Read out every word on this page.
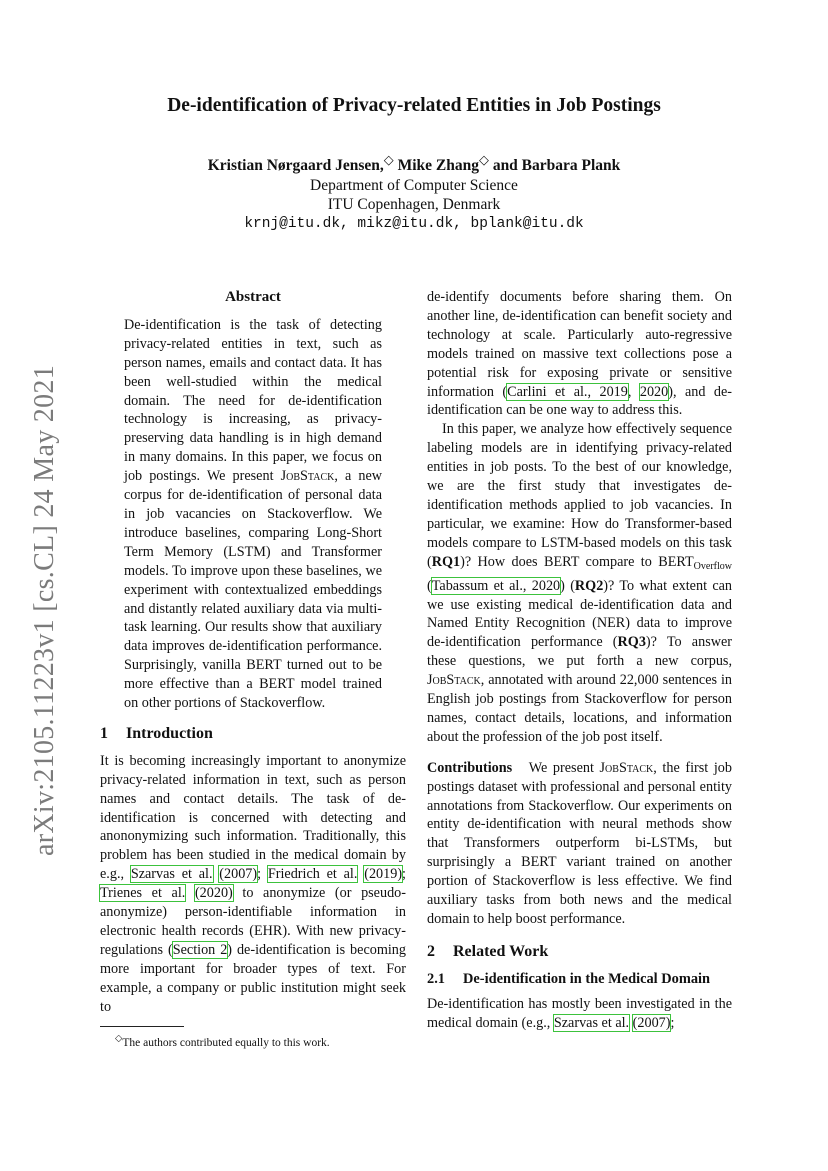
arXiv:2105.11223v1 [cs.CL] 24 May 2021
De-identification of Privacy-related Entities in Job Postings
Kristian Nørgaard Jensen,◇ Mike Zhang◇ and Barbara Plank
Department of Computer Science
ITU Copenhagen, Denmark
krnj@itu.dk, mikz@itu.dk, bplank@itu.dk
Abstract

De-identification is the task of detecting privacy-related entities in text, such as person names, emails and contact data. It has been well-studied within the medical domain. The need for de-identification technology is increasing, as privacy-preserving data handling is in high demand in many domains. In this paper, we focus on job postings. We present JobStack, a new corpus for de-identification of personal data in job vacancies on Stackoverflow. We introduce baselines, comparing Long-Short Term Memory (LSTM) and Transformer models. To improve upon these baselines, we experiment with contextualized embeddings and distantly related auxiliary data via multi-task learning. Our results show that auxiliary data improves de-identification performance. Surprisingly, vanilla BERT turned out to be more effective than a BERT model trained on other portions of Stackoverflow.

1 Introduction

It is becoming increasingly important to anonymize privacy-related information in text, such as person names and contact details. The task of de-identification is concerned with detecting and anononymizing such information. Traditionally, this problem has been studied in the medical domain by e.g., Szarvas et al. (2007); Friedrich et al. (2019); Trienes et al. (2020) to anonymize (or pseudo-anonymize) person-identifiable information in electronic health records (EHR). With new privacy-regulations (Section 2) de-identification is becoming more important for broader types of text. For example, a company or public institution might seek to

◇The authors contributed equally to this work.

de-identify documents before sharing them. On another line, de-identification can benefit society and technology at scale. Particularly auto-regressive models trained on massive text collections pose a potential risk for exposing private or sensitive information (Carlini et al., 2019, 2020), and de-identification can be one way to address this.

In this paper, we analyze how effectively sequence labeling models are in identifying privacy-related entities in job posts. To the best of our knowledge, we are the first study that investigates de-identification methods applied to job vacancies. In particular, we examine: How do Transformer-based models compare to LSTM-based models on this task (RQ1)? How does BERT compare to $BERT_{Overflow}$ (Tabassum et al., 2020) (RQ2)? To what extent can we use existing medical de-identification data and Named Entity Recognition (NER) data to improve de-identification performance (RQ3)? To answer these questions, we put forth a new corpus, JobStack, annotated with around 22,000 sentences in English job postings from Stackoverflow for person names, contact details, locations, and information about the profession of the job post itself.

Contributions We present JobStack, the first job postings dataset with professional and personal entity annotations from Stackoverflow. Our experiments on entity de-identification with neural methods show that Transformers outperform bi-LSTMs, but surprisingly a BERT variant trained on another portion of Stackoverflow is less effective. We find auxiliary tasks from both news and the medical domain to help boost performance.

2 Related Work
2.1 De-identification in the Medical Domain

De-identification has mostly been investigated in the medical domain (e.g., Szarvas et al. (2007);
